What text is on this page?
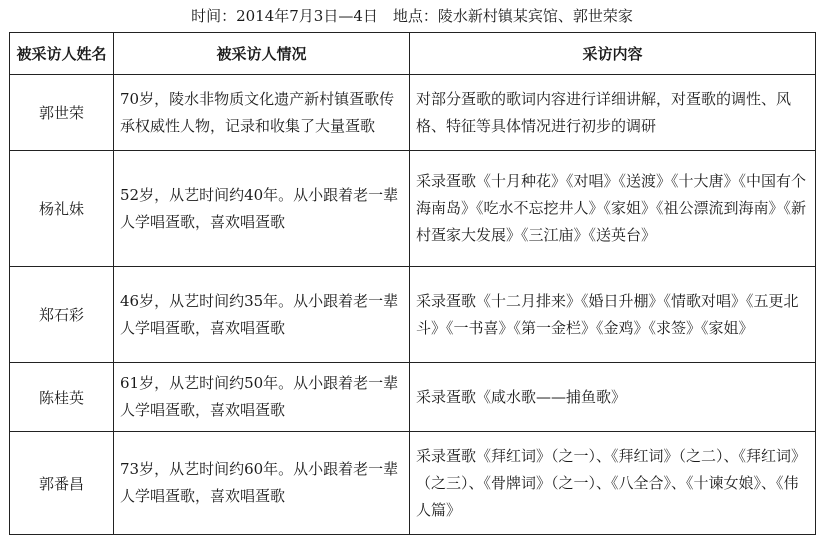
时间：2014年7月3日—4日　地点：陵水新村镇某宾馆、郭世荣家
被采访人姓名	被采访人情况	采访内容
郭世荣	70岁，陵水非物质文化遗产新村镇疍歌传承权威性人物，记录和收集了大量疍歌	对部分疍歌的歌词内容进行详细讲解，对疍歌的调性、风格、特征等具体情况进行初步的调研
杨礼妹	52岁，从艺时间约40年。从小跟着老一辈人学唱疍歌，喜欢唱疍歌	采录疍歌《十月种花》《对唱》《送渡》《十大唐》《中国有个海南岛》《吃水不忘挖井人》《家姐》《祖公漂流到海南》《新村疍家大发展》《三江庙》《送英台》
郑石彩	46岁，从艺时间约35年。从小跟着老一辈人学唱疍歌，喜欢唱疍歌	采录疍歌《十二月排来》《婚日升棚》《情歌对唱》《五更北斗》《一书喜》《第一金栏》《金鸡》《求签》《家姐》
陈桂英	61岁，从艺时间约50年。从小跟着老一辈人学唱疍歌，喜欢唱疍歌	采录疍歌《咸水歌——捕鱼歌》
郭番昌	73岁，从艺时间约60年。从小跟着老一辈人学唱疍歌，喜欢唱疍歌	采录疍歌《拜红词》（之一）、《拜红词》（之二）、《拜红词》（之三）、《骨牌词》（之一）、《八全合》、《十谏女娘》、《伟人篇》
